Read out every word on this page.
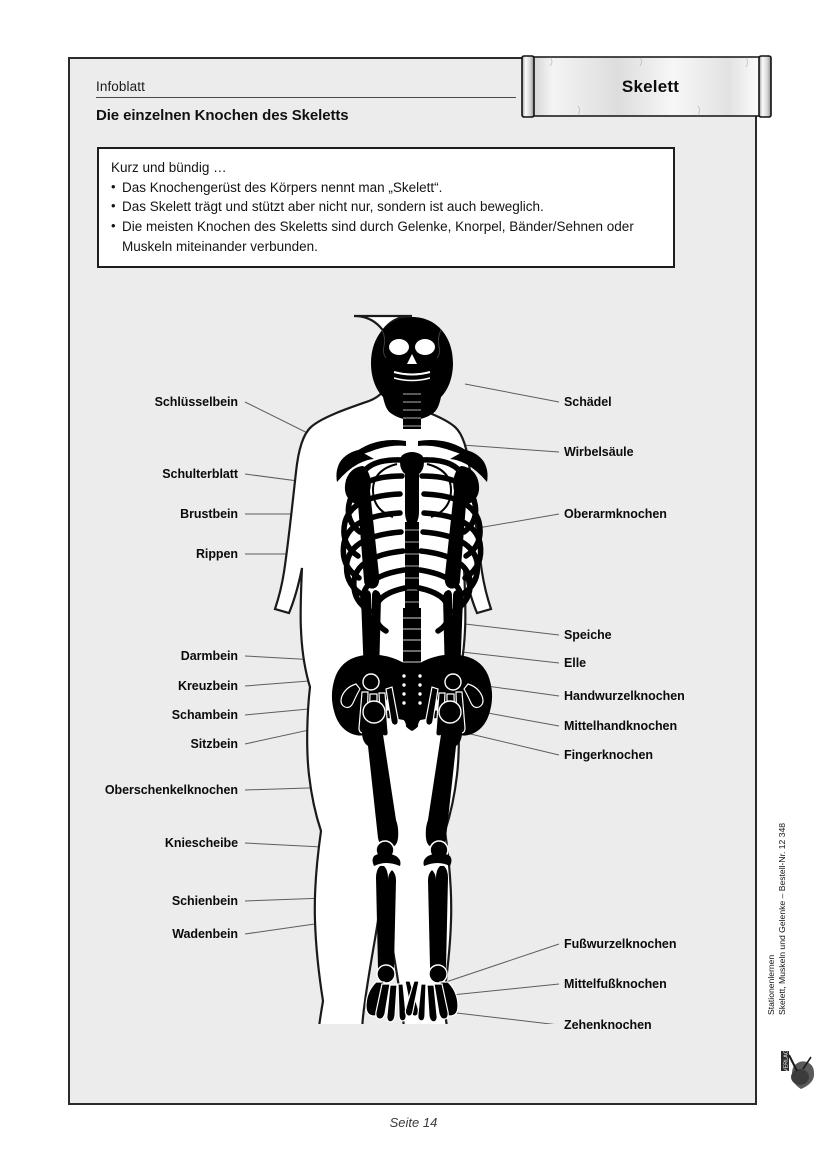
Infoblatt
Die einzelnen Knochen des Skeletts
Skelett
Kurz und bündig …
• Das Knochengerüst des Körpers nennt man „Skelett“.
• Das Skelett trägt und stützt aber nicht nur, sondern ist auch beweglich.
• Die meisten Knochen des Skeletts sind durch Gelenke, Knorpel, Bänder/Sehnen oder
Muskeln miteinander verbunden.
Schlüsselbein
Schulterblatt
Brustbein
Rippen
Darmbein
Kreuzbein
Schambein
Sitzbein
Oberschenkelknochen
Kniescheibe
Schienbein
Wadenbein
Schädel
Wirbelsäule
Oberarmknochen
Speiche
Elle
Handwurzelknochen
Mittelhandknochen
Fingerknochen
Fußwurzelknochen
Mittelfußknochen
Zehenknochen
Seite 14
Stationenlernen Skelett, Muskeln und Gelenke – Bestell-Nr. 12 348
VERLAG
